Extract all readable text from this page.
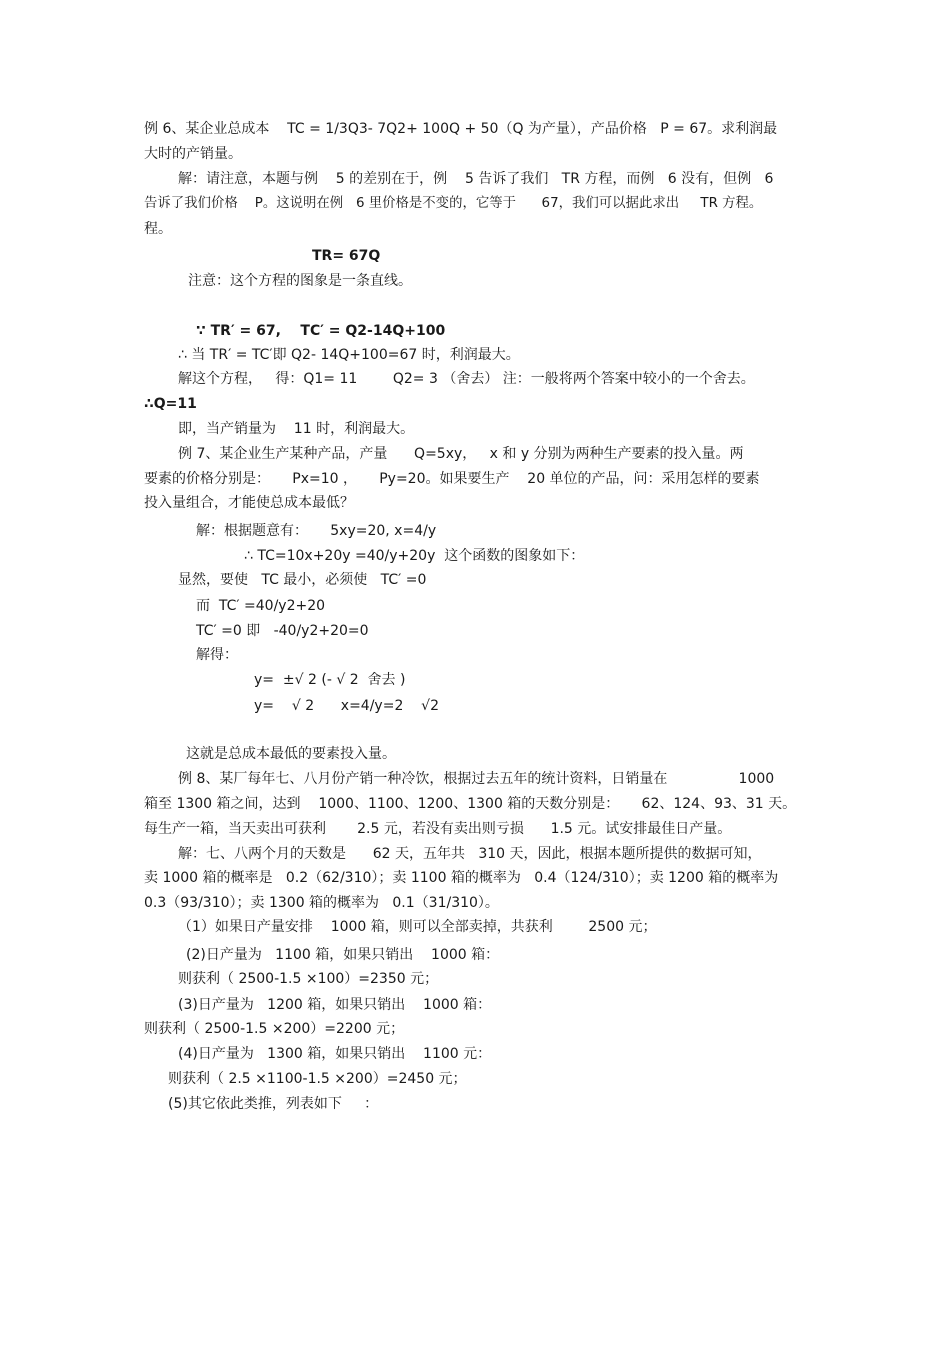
例 6、某企业总成本    TC = 1/3Q3- 7Q2+ 100Q + 50（Q 为产量），产品价格   P = 67。求利润最
大时的产销量。
解：请注意，本题与例    5 的差别在于，例    5 告诉了我们   TR 方程，而例   6 没有，但例   6
告诉了我们价格    P。这说明在例   6 里价格是不变的，它等于      67，我们可以据此求出     TR 方程。
程。
TR= 67Q
注意：这个方程的图象是一条直线。
∵ TR′ = 67,    TC′ = Q2-14Q+100
∴ 当 TR′ = TC′即 Q2- 14Q+100=67 时，利润最大。
解这个方程，   得：Q1= 11        Q2= 3 （舍去） 注：一般将两个答案中较小的一个舍去。
∴Q=11
即，当产销量为    11 时，利润最大。
例 7、某企业生产某种产品，产量      Q=5xy，   x 和 y 分别为两种生产要素的投入量。两
要素的价格分别是：     Px=10 ，     Py=20。如果要生产    20 单位的产品，问：采用怎样的要素
投入量组合，才能使总成本最低？
解：根据题意有：     5xy=20, x=4/y
∴ TC=10x+20y =40/y+20y  这个函数的图象如下：
显然，要使   TC 最小，必须使   TC′ =0
而  TC′ =40/y2+20
TC′ =0 即   -40/y2+20=0
解得：
y=  ±√ 2 (- √ 2  舍去 )
y=    √ 2      x=4/y=2    √2
这就是总成本最低的要素投入量。
例 8、某厂每年七、八月份产销一种冷饮，根据过去五年的统计资料，日销量在                1000
箱至 1300 箱之间，达到    1000、1100、1200、1300 箱的天数分别是：     62、124、93、31 天。
每生产一箱，当天卖出可获利       2.5 元，若没有卖出则亏损      1.5 元。试安排最佳日产量。
解：七、八两个月的天数是      62 天，五年共   310 天，因此，根据本题所提供的数据可知，
卖 1000 箱的概率是   0.2（62/310）；卖 1100 箱的概率为   0.4（124/310）；卖 1200 箱的概率为
0.3（93/310）；卖 1300 箱的概率为   0.1（31/310）。
（1）如果日产量安排    1000 箱，则可以全部卖掉，共获利        2500 元；
(2)日产量为   1100 箱，如果只销出    1000 箱：
则获利（ 2500-1.5 ×100）=2350 元；
(3)日产量为   1200 箱，如果只销出    1000 箱：
则获利（ 2500-1.5 ×200）=2200 元；
(4)日产量为   1300 箱，如果只销出    1100 元：
则获利（ 2.5 ×1100-1.5 ×200）=2450 元；
(5)其它依此类推，列表如下     ：
